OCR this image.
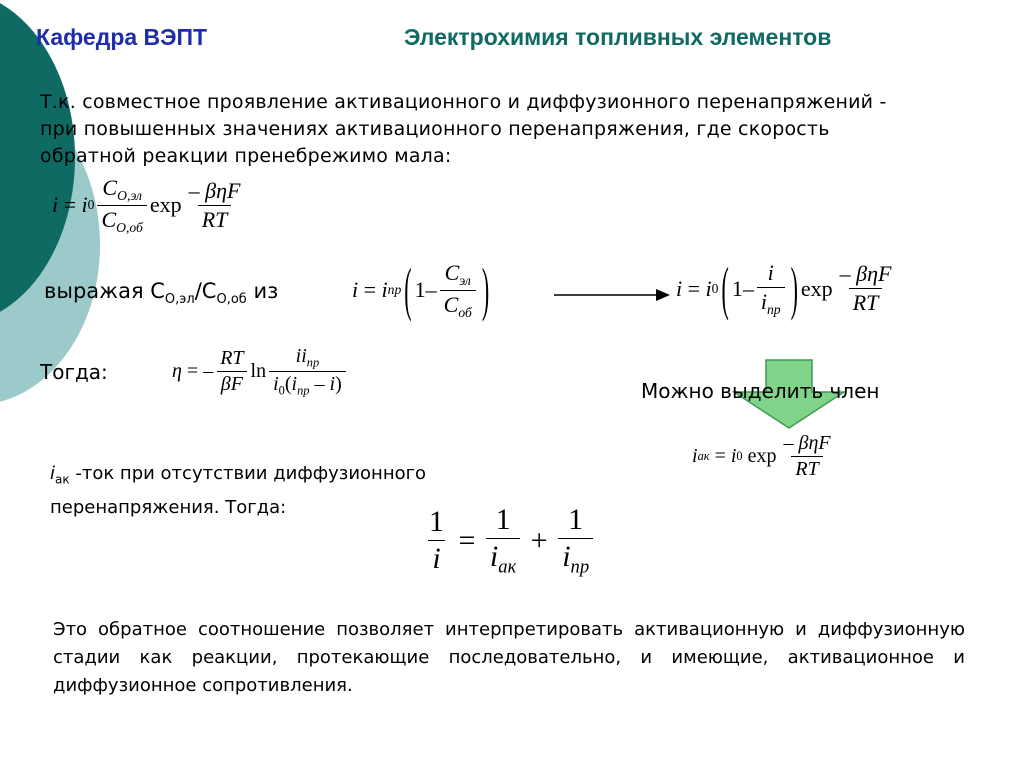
Кафедра ВЭПТ	Электрохимия топливных элементов
Т.к. совместное проявление активационного и диффузионного перенапряжений - при повышенных значениях активационного перенапряжения, где скорость обратной реакции пренебрежимо мала:
i = i $0 \frac{C_{O,эл}}{C_{O,об}}$ $\exp \frac{\text{– βηF}}{RT}$
выражая $С_{O,эл}/С_{O,об}$ из	i = i пр ( $1- \frac{C_{эл}}{C_{об}}$ )	i = i 0 ( $1- \frac{i}{i_{пр}}$ ) $\exp \frac{\text{– βηF}}{RT}$
Тогда:	η = – $\frac{RT}{\beta F}$ $\ln \frac{ii_{пр}}{i_0(i_{пр} - i)}$	Можно выделить член
i ак = i 0 $\exp \frac{\text{– βηF}}{RT}$
$i_{ак}$ -ток при отсутствии диффузионного
перенапряжения. Тогда:	$\frac{1}{i} = \frac{1}{i_{ак}} + \frac{1}{i_{пр}}$
Это обратное соотношение позволяет интерпретировать активационную и диффузионную стадии как реакции, протекающие последовательно, и имеющие, активационное и диффузионное сопротивления.
